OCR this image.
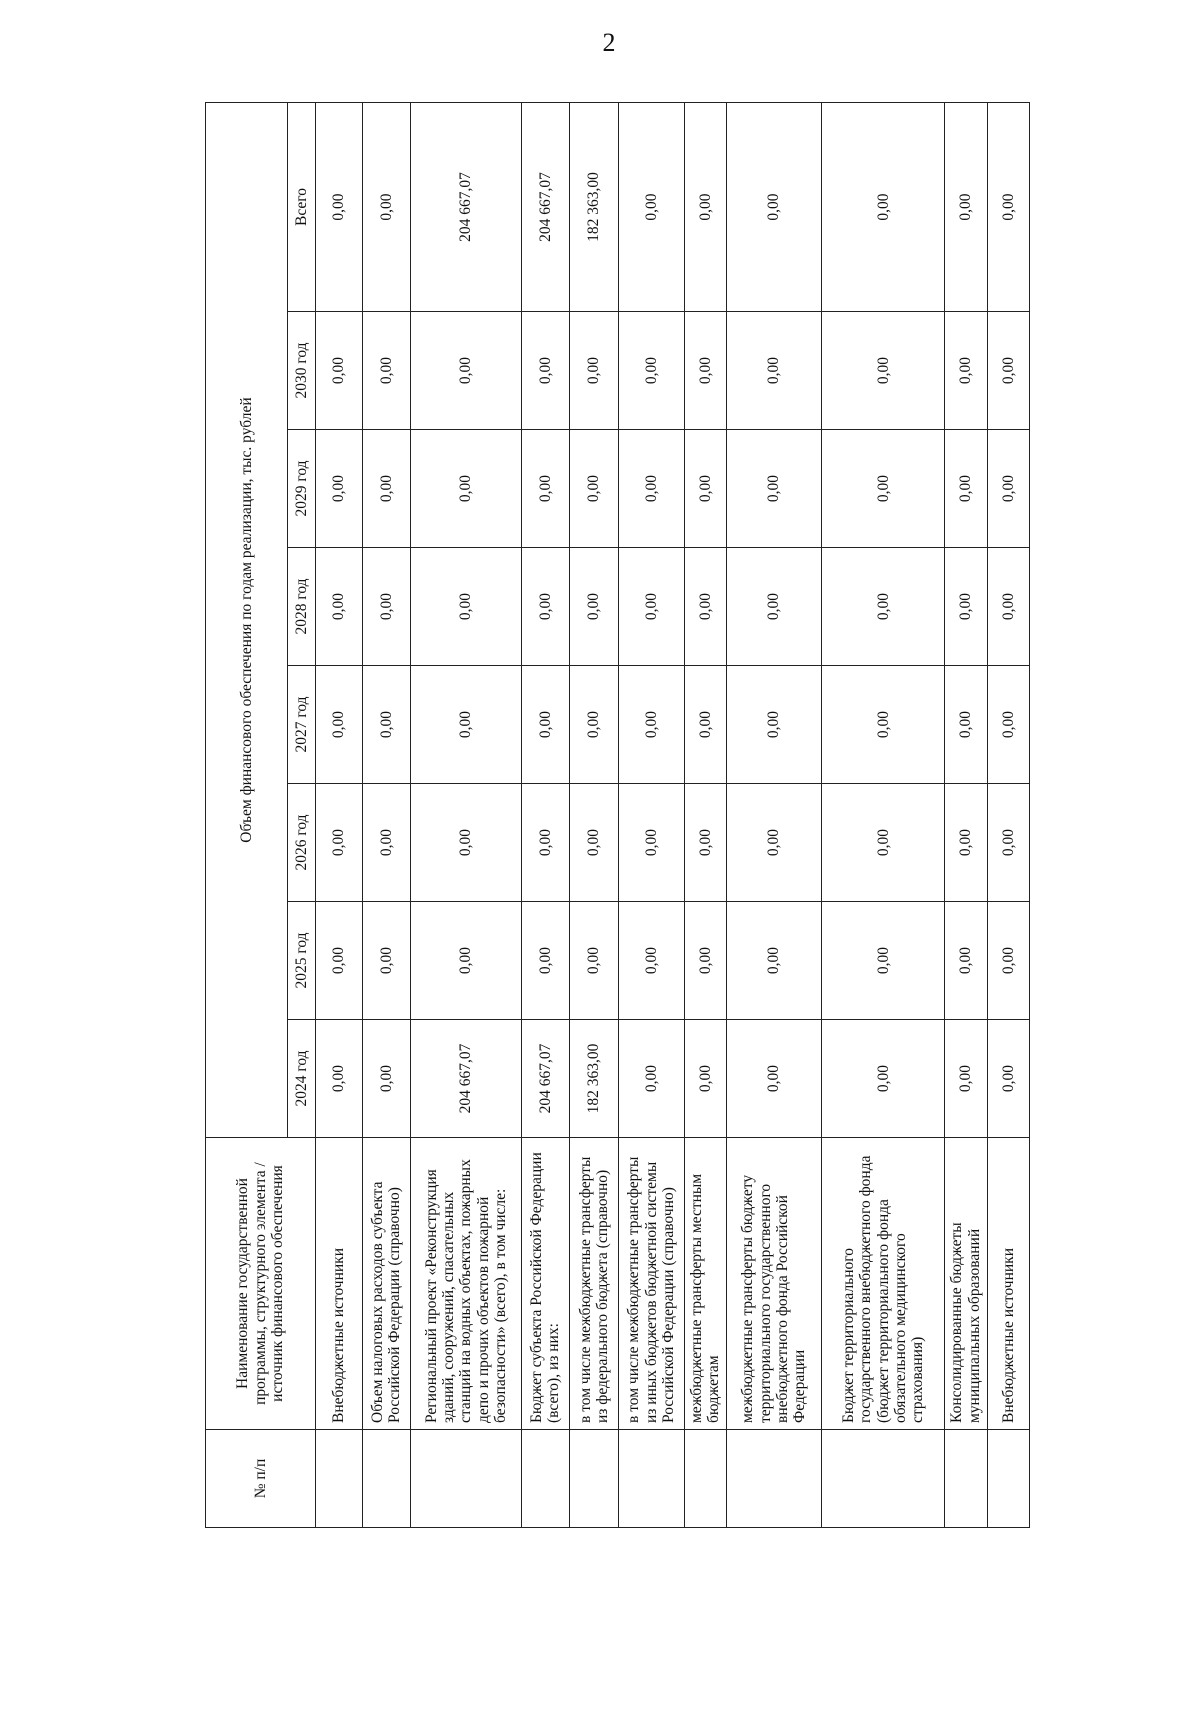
2
№ п/п	Наименование государственной программы, структурного элемента / источник финансового обеспечения	Объем финансового обеспечения по годам реализации, тыс. рублей							
		2024 год	2025 год	2026 год	2027 год	2028 год	2029 год	2030 год	Всего
	Внебюджетные источники	0,00	0,00	0,00	0,00	0,00	0,00	0,00	0,00
	Объем налоговых расходов субъекта Российской Федерации (справочно)	0,00	0,00	0,00	0,00	0,00	0,00	0,00	0,00
	Региональный проект «Реконструкция зданий, сооружений, спасательных станций на водных объектах, пожарных депо и прочих объектов пожарной безопасности» (всего), в том числе:	204 667,07	0,00	0,00	0,00	0,00	0,00	0,00	204 667,07
	Бюджет субъекта Российской Федерации (всего), из них:	204 667,07	0,00	0,00	0,00	0,00	0,00	0,00	204 667,07
	в том числе межбюджетные трансферты из федерального бюджета (справочно)	182 363,00	0,00	0,00	0,00	0,00	0,00	0,00	182 363,00
	в том числе межбюджетные трансферты из иных бюджетов бюджетной системы Российской Федерации (справочно)	0,00	0,00	0,00	0,00	0,00	0,00	0,00	0,00
	межбюджетные трансферты местным бюджетам	0,00	0,00	0,00	0,00	0,00	0,00	0,00	0,00
	межбюджетные трансферты бюджету территориального государственного внебюджетного фонда Российской Федерации	0,00	0,00	0,00	0,00	0,00	0,00	0,00	0,00
	Бюджет территориального государственного внебюджетного фонда (бюджет территориального фонда обязательного медицинского страхования)	0,00	0,00	0,00	0,00	0,00	0,00	0,00	0,00
	Консолидированные бюджеты муниципальных образований	0,00	0,00	0,00	0,00	0,00	0,00	0,00	0,00
	Внебюджетные источники	0,00	0,00	0,00	0,00	0,00	0,00	0,00	0,00
